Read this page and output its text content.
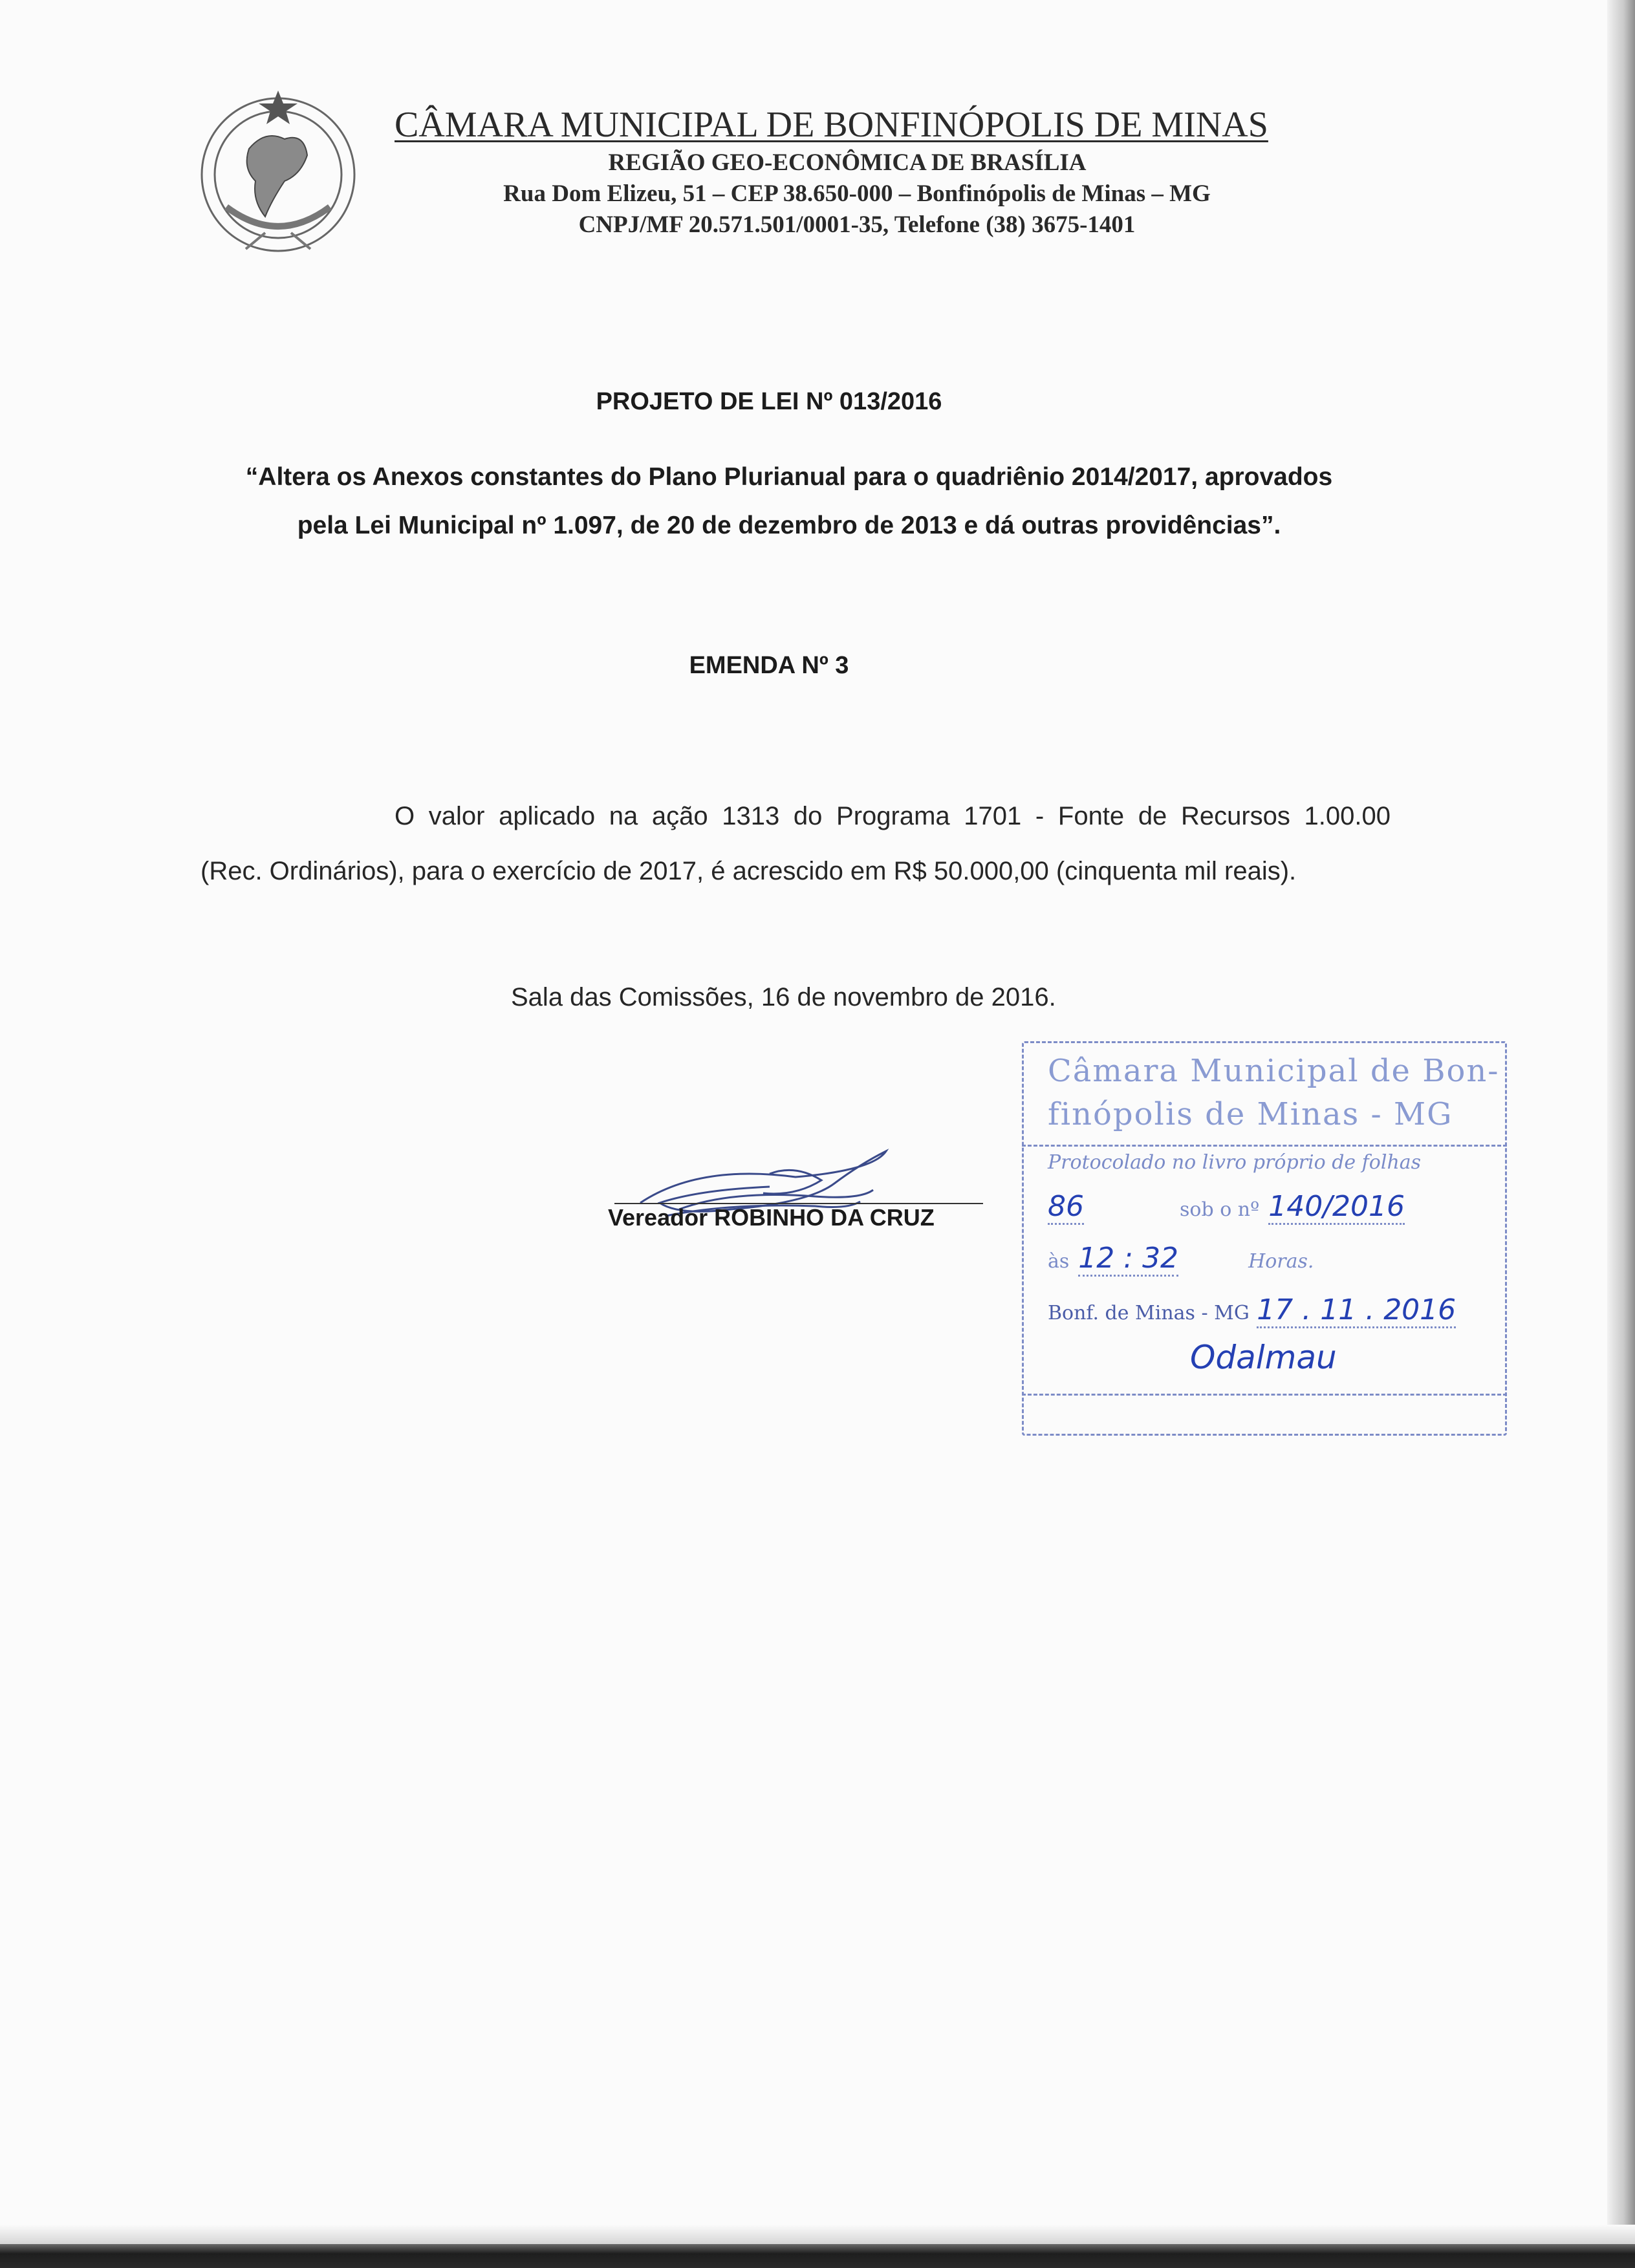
CÂMARA MUNICIPAL DE BONFINÓPOLIS DE MINAS
REGIÃO GEO-ECONÔMICA DE BRASÍLIA
Rua Dom Elizeu, 51 – CEP 38.650-000 – Bonfinópolis de Minas – MG
CNPJ/MF 20.571.501/0001-35, Telefone (38) 3675-1401
PROJETO DE LEI Nº 013/2016
“Altera os Anexos constantes do Plano Plurianual para o quadriênio 2014/2017, aprovados
pela Lei Municipal nº 1.097, de 20 de dezembro de 2013 e dá outras providências”.
EMENDA Nº 3
O valor aplicado na ação 1313 do Programa 1701 - Fonte de Recursos 1.00.00
(Rec. Ordinários), para o exercício de 2017, é acrescido em R$ 50.000,00 (cinquenta mil reais).
Sala das Comissões, 16 de novembro de 2016.
Vereador ROBINHO DA CRUZ
Câmara Municipal de Bon-
finópolis de Minas - MG
Protocolado no livro próprio de folhas
86	sob o nº 140/2016
às 12 : 32	Horas.
Bonf. de Minas - MG 17 . 11 . 2016
Odalmau
